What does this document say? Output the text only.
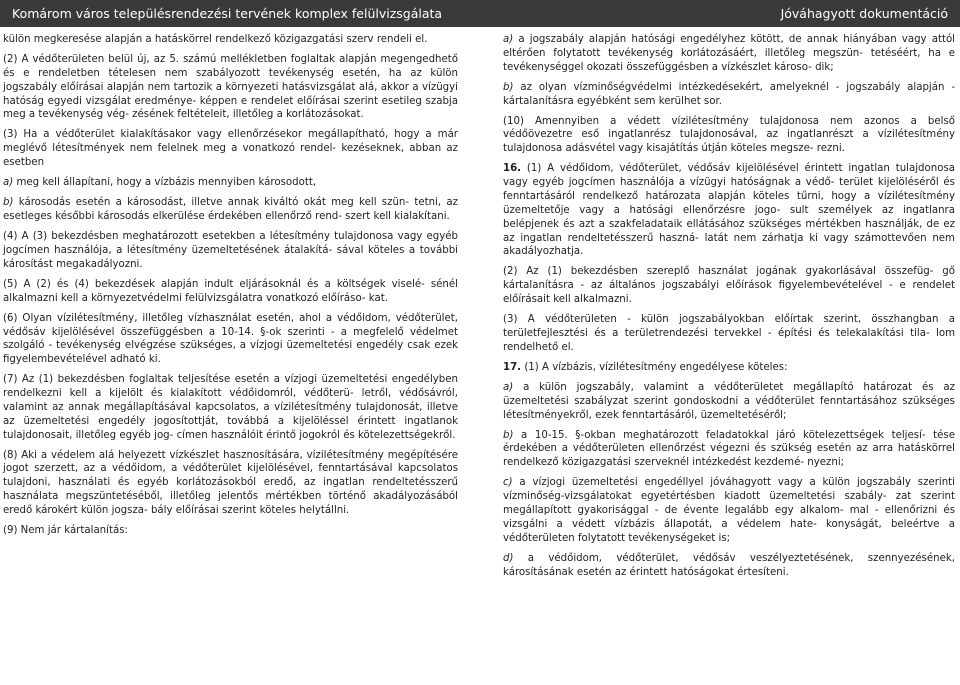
Komárom város településrendezési tervének komplex felülvizsgálata	Jóváhagyott dokumentáció

külön megkeresése alapján a hatáskörrel rendelkező közigazgatási szerv rendeli el.

(2) A védőterületen belül új, az 5. számú mellékletben foglaltak alapján megengedhető és e rendeletben tételesen nem szabályozott tevékenység esetén, ha az külön jogszabály előírásai alapján nem tartozik a környezeti hatásvizsgálat alá, akkor a vízügyi hatóság egyedi vizsgálat eredménye- képpen e rendelet előírásai szerint esetileg szabja meg a tevékenység vég- zésének feltételeit, illetőleg a korlátozásokat.

(3) Ha a védőterület kialakításakor vagy ellenőrzésekor megállapítható, hogy a már meglévő létesítmények nem felelnek meg a vonatkozó rendel- kezéseknek, abban az esetben

a) meg kell állapítani, hogy a vízbázis mennyiben károsodott,

b) károsodás esetén a károsodást, illetve annak kiváltó okát meg kell szün- tetni, az esetleges későbbi károsodás elkerülése érdekében ellenőrző rend- szert kell kialakítani.

(4) A (3) bekezdésben meghatározott esetekben a létesítmény tulajdonosa vagy egyéb jogcímen használója, a létesítmény üzemeltetésének átalakítá- sával köteles a további károsítást megakadályozni.

(5) A (2) és (4) bekezdések alapján indult eljárásoknál és a költségek viselé- sénél alkalmazni kell a környezetvédelmi felülvizsgálatra vonatkozó előíráso- kat.

(6) Olyan vízilétesítmény, illetőleg vízhasználat esetén, ahol a védőidom, védőterület, védősáv kijelölésével összefüggésben a 10-14. §-ok szerinti - a megfelelő védelmet szolgáló - tevékenység elvégzése szükséges, a vízjogi üzemeltetési engedély csak ezek figyelembevételével adható ki.

(7) Az (1) bekezdésben foglaltak teljesítése esetén a vízjogi üzemeltetési engedélyben rendelkezni kell a kijelölt és kialakított védőidomról, védőterü- letről, védősávról, valamint az annak megállapításával kapcsolatos, a vízilétesítmény tulajdonosát, illetve az üzemeltetési engedély jogosítottját, továbbá a kijelöléssel érintett ingatlanok tulajdonosait, illetőleg egyéb jog- címen használóit érintő jogokról és kötelezettségekről.

(8) Aki a védelem alá helyezett vízkészlet hasznosítására, vízilétesítmény megépítésére jogot szerzett, az a védőidom, a védőterület kijelölésével, fenntartásával kapcsolatos tulajdoni, használati és egyéb korlátozásokból eredő, az ingatlan rendeltetésszerű használata megszüntetéséből, illetőleg jelentős mértékben történő akadályozásából eredő károkért külön jogsza- bály előírásai szerint köteles helytállni.

(9) Nem jár kártalanítás:

a) a jogszabály alapján hatósági engedélyhez kötött, de annak hiányában vagy attól eltérően folytatott tevékenység korlátozásáért, illetőleg megszün- tetéséért, ha e tevékenységgel okozati összefüggésben a vízkészlet károso- dik;

b) az olyan vízminőségvédelmi intézkedésekért, amelyeknél - jogszabály alapján - kártalanításra egyébként sem kerülhet sor.

(10) Amennyiben a védett vízilétesítmény tulajdonosa nem azonos a belső védőövezetre eső ingatlanrész tulajdonosával, az ingatlanrészt a vízilétesítmény tulajdonosa adásvétel vagy kisajátítás útján köteles megsze- rezni.

16. (1) A védőidom, védőterület, védősáv kijelölésével érintett ingatlan tulajdonosa vagy egyéb jogcímen használója a vízügyi hatóságnak a védő- terület kijelöléséről és fenntartásáról rendelkező határozata alapján köteles tűrni, hogy a vízilétesítmény üzemeltetője vagy a hatósági ellenőrzésre jogo- sult személyek az ingatlanra belépjenek és azt a szakfeladataik ellátásához szükséges mértékben használják, de ez az ingatlan rendeltetésszerű haszná- latát nem zárhatja ki vagy számottevően nem akadályozhatja.

(2) Az (1) bekezdésben szereplő használat jogának gyakorlásával összefüg- gő kártalanításra - az általános jogszabályi előírások figyelembevételével - e rendelet előírásait kell alkalmazni.

(3) A védőterületen - külön jogszabályokban előírtak szerint, összhangban a területfejlesztési és a területrendezési tervekkel - építési és telekalakítási tila- lom rendelhető el.

17. (1) A vízbázis, vízilétesítmény engedélyese köteles:

a) a külön jogszabály, valamint a védőterületet megállapító határozat és az üzemeltetési szabályzat szerint gondoskodni a védőterület fenntartásához szükséges létesítményekről, ezek fenntartásáról, üzemeltetéséről;

b) a 10-15. §-okban meghatározott feladatokkal járó kötelezettségek teljesí- tése érdekében a védőterületen ellenőrzést végezni és szükség esetén az arra hatáskörrel rendelkező közigazgatási szerveknél intézkedést kezdemé- nyezni;

c) a vízjogi üzemeltetési engedéllyel jóváhagyott vagy a külön jogszabály szerinti vízminőség-vizsgálatokat egyetértésben kiadott üzemeltetési szabály- zat szerint megállapított gyakorisággal - de évente legalább egy alkalom- mal - ellenőrizni és vizsgálni a védett vízbázis állapotát, a védelem hate- konyságát, beleértve a védőterületen folytatott tevékenységeket is;

d) a védőidom, védőterület, védősáv veszélyeztetésének, szennyezésének, károsításának esetén az érintett hatóságokat értesíteni.
